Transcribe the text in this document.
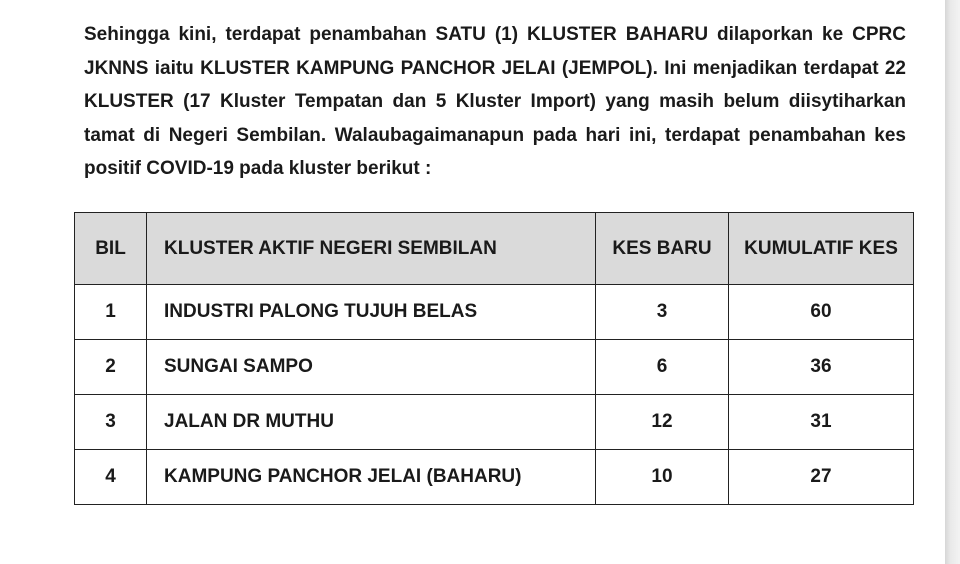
Sehingga kini, terdapat penambahan SATU (1) KLUSTER BAHARU dilaporkan ke CPRC JKNNS iaitu KLUSTER KAMPUNG PANCHOR JELAI (JEMPOL). Ini menjadikan terdapat 22 KLUSTER (17 Kluster Tempatan dan 5 Kluster Import) yang masih belum diisytiharkan tamat di Negeri Sembilan. Walaubagaimanapun pada hari ini, terdapat penambahan kes positif COVID-19 pada kluster berikut :

BIL	KLUSTER AKTIF NEGERI SEMBILAN	KES BARU	KUMULATIF KES
1	INDUSTRI PALONG TUJUH BELAS	3	60
2	SUNGAI SAMPO	6	36
3	JALAN DR MUTHU	12	31
4	KAMPUNG PANCHOR JELAI (BAHARU)	10	27
